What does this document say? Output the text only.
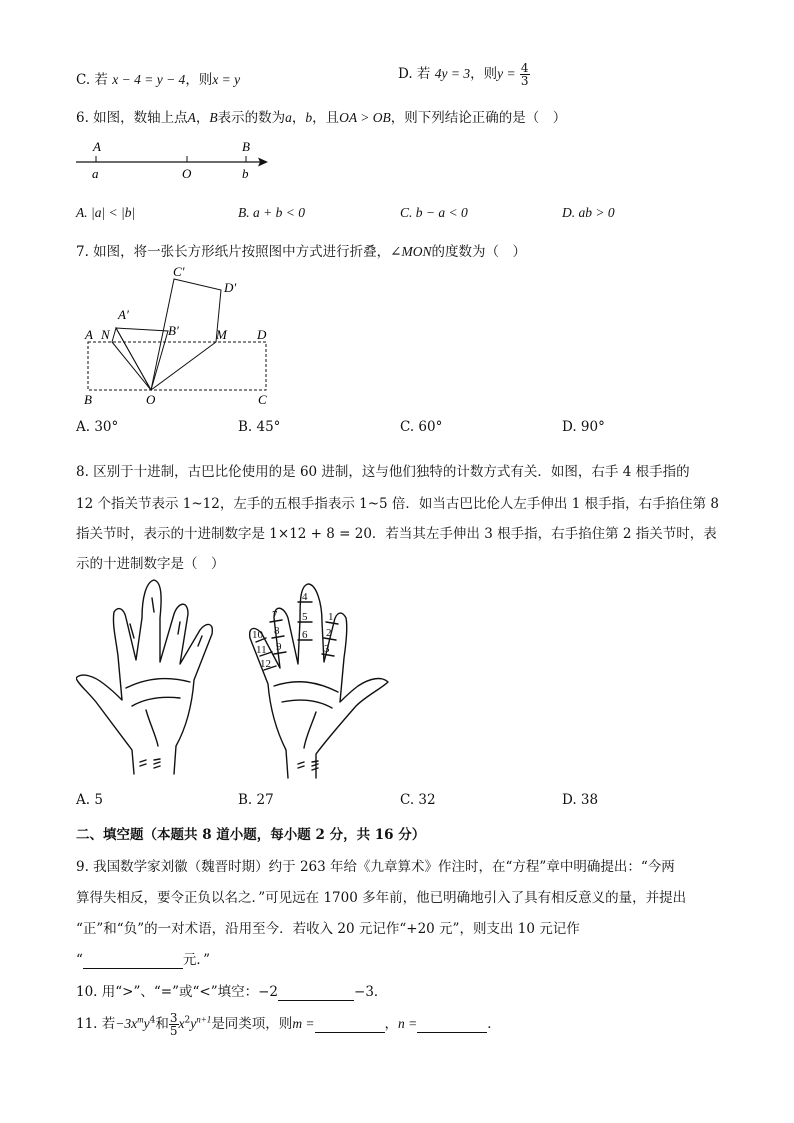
C. 若 x − 4 = y − 4，则x = y	D. 若 4y = 3，则$y = \frac{4}{3}$
6. 如图，数轴上点A，B表示的数为a，b，且OA > OB，则下列结论正确的是（　）
A
a	O
B
b
A. |a| < |b|	B. a + b < 0	C. b − a < 0	D. ab > 0
7. 如图，将一张长方形纸片按照图中方式进行折叠，∠MON的度数为（　）
C′
D′
A′
B′
A N	M D
B	O	C
A. 30°	B. 45°	C. 60°	D. 90°
8. 区别于十进制，古巴比伦使用的是 60 进制，这与他们独特的计数方式有关．如图，右手 4 根手指的
12 个指关节表示 1~12，左手的五根手指表示 1~5 倍．如当古巴比伦人左手伸出 1 根手指，右手掐住第 8
指关节时，表示的十进制数字是 1×12 + 8 = 20．若当其左手伸出 3 根手指，右手掐住第 2 指关节时，表
示的十进制数字是（　）
7
8
9
4
5
6
1
2
3
10
11
12
A. 5	B. 27	C. 32	D. 38
二、填空题（本题共 8 道小题，每小题 2 分，共 16 分）
9. 我国数学家刘徽（魏晋时期）约于 263 年给《九章算术》作注时，在“方程”章中明确提出：“今两
算得失相反，要令正负以名之．”可见远在 1700 多年前，他已明确地引入了具有相反意义的量，并提出
“正”和“负”的一对术语，沿用至今．若收入 20 元记作“+20 元”，则支出 10 元记作
“	元．”
10. 用“>”、“=”或“<”填空：−2	−3．
11. 若$-3x^my^4$和 $\frac{3}{5} x^2y^{n+1}$是同类项，则m =	，n =	．
